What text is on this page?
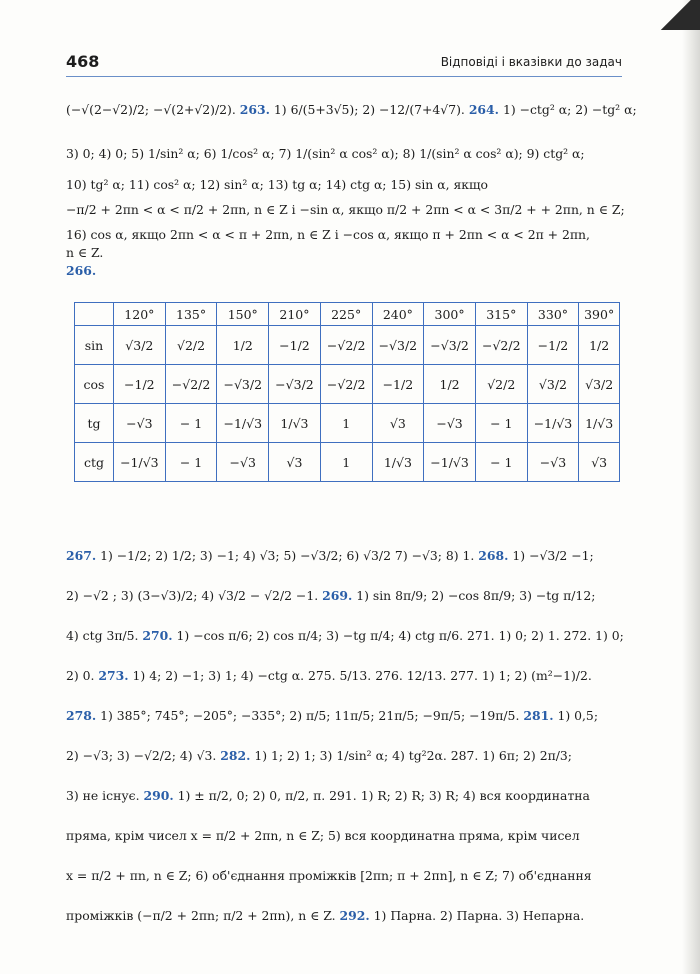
468	Відповіді і вказівки до задач
(−√(2−√2)/2; −√(2+√2)/2). 263. 1) 6/(5+3√5); 2) −12/(7+4√7). 264. 1) −ctg² α; 2) −tg² α;
3) 0; 4) 0; 5) 1/sin² α; 6) 1/cos² α; 7) 1/(sin² α cos² α); 8) 1/(sin² α cos² α); 9) ctg² α;
10) tg² α; 11) cos² α; 12) sin² α; 13) tg α; 14) ctg α; 15) sin α, якщо
−π/2 + 2πn < α < π/2 + 2πn, n ∈ Z і −sin α, якщо π/2 + 2πn < α < 3π/2 + + 2πn, n ∈ Z;
16) cos α, якщо 2πn < α < π + 2πn, n ∈ Z і −cos α, якщо π + 2πn < α < 2π + 2πn,
n ∈ Z.
266.
	120°	135°	150°	210°	225°	240°	300°	315°	330°	390°
sin	√3/2	√2/2	1/2	−1/2	−√2/2	−√3/2	−√3/2	−√2/2	−1/2	1/2
cos	−1/2	−√2/2	−√3/2	−√3/2	−√2/2	−1/2	1/2	√2/2	√3/2	√3/2
tg	−√3	− 1	−1/√3	1/√3	1	√3	−√3	− 1	−1/√3	1/√3
ctg	−1/√3	− 1	−√3	√3	1	1/√3	−1/√3	− 1	−√3	√3
267. 1) −1/2; 2) 1/2; 3) −1; 4) √3; 5) −√3/2; 6) √3/2 7) −√3; 8) 1. 268. 1) −√3/2 −1;
2) −√2 ; 3) (3−√3)/2; 4) √3/2 − √2/2 −1. 269. 1) sin 8π/9; 2) −cos 8π/9; 3) −tg π/12;
4) ctg 3π/5. 270. 1) −cos π/6; 2) cos π/4; 3) −tg π/4; 4) ctg π/6. 271. 1) 0; 2) 1. 272. 1) 0;
2) 0. 273. 1) 4; 2) −1; 3) 1; 4) −ctg α. 275. 5/13. 276. 12/13. 277. 1) 1; 2) (m²−1)/2.
278. 1) 385°; 745°; −205°; −335°; 2) π/5; 11π/5; 21π/5; −9π/5; −19π/5. 281. 1) 0,5;
2) −√3; 3) −√2/2; 4) √3. 282. 1) 1; 2) 1; 3) 1/sin² α; 4) tg²2α. 287. 1) 6π; 2) 2π/3;
3) не існує. 290. 1) ± π/2, 0; 2) 0, π/2, π. 291. 1) R; 2) R; 3) R; 4) вся координатна
пряма, крім чисел x = π/2 + 2πn, n ∈ Z; 5) вся координатна пряма, крім чисел
x = π/2 + πn, n ∈ Z; 6) об'єднання проміжків [2πn; π + 2πn], n ∈ Z; 7) об'єднання
проміжків (−π/2 + 2πn; π/2 + 2πn), n ∈ Z. 292. 1) Парна. 2) Парна. 3) Непарна.
